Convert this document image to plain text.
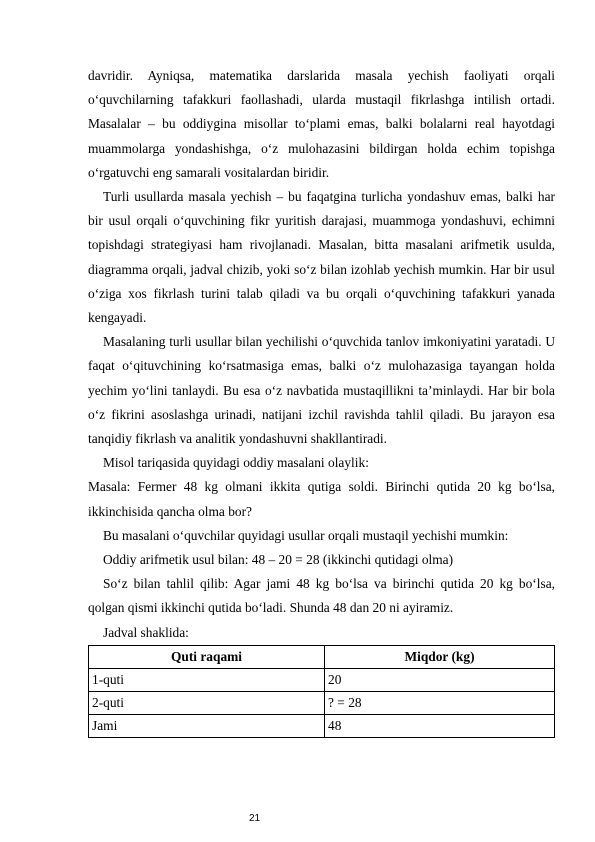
davridir. Ayniqsa, matematika darslarida masala yechish faoliyati orqali o‘quvchilarning tafakkuri faollashadi, ularda mustaqil fikrlashga intilish ortadi. Masalalar – bu oddiygina misollar to‘plami emas, balki bolalarni real hayotdagi muammolarga yondashishga, o‘z mulohazasini bildirgan holda echim topishga o‘rgatuvchi eng samarali vositalardan biridir.

Turli usullarda masala yechish – bu faqatgina turlicha yondashuv emas, balki har bir usul orqali o‘quvchining fikr yuritish darajasi, muammoga yondashuvi, echimni topishdagi strategiyasi ham rivojlanadi. Masalan, bitta masalani arifmetik usulda, diagramma orqali, jadval chizib, yoki so‘z bilan izohlab yechish mumkin. Har bir usul o‘ziga xos fikrlash turini talab qiladi va bu orqali o‘quvchining tafakkuri yanada kengayadi.

Masalaning turli usullar bilan yechilishi o‘quvchida tanlov imkoniyatini yaratadi. U faqat o‘qituvchining ko‘rsatmasiga emas, balki o‘z mulohazasiga tayangan holda yechim yo‘lini tanlaydi. Bu esa o‘z navbatida mustaqillikni ta’minlaydi. Har bir bola o‘z fikrini asoslashga urinadi, natijani izchil ravishda tahlil qiladi. Bu jarayon esa tanqidiy fikrlash va analitik yondashuvni shakllantiradi.

Misol tariqasida quyidagi oddiy masalani olaylik:

Masala: Fermer 48 kg olmani ikkita qutiga soldi. Birinchi qutida 20 kg bo‘lsa, ikkinchisida qancha olma bor?

Bu masalani o‘quvchilar quyidagi usullar orqali mustaqil yechishi mumkin:

Oddiy arifmetik usul bilan: 48 – 20 = 28 (ikkinchi qutidagi olma)

So‘z bilan tahlil qilib: Agar jami 48 kg bo‘lsa va birinchi qutida 20 kg bo‘lsa, qolgan qismi ikkinchi qutida bo‘ladi. Shunda 48 dan 20 ni ayiramiz.

Jadval shaklida:

Quti raqami	Miqdor (kg)
1-quti	20
2-quti	? = 28
Jami	48
21
